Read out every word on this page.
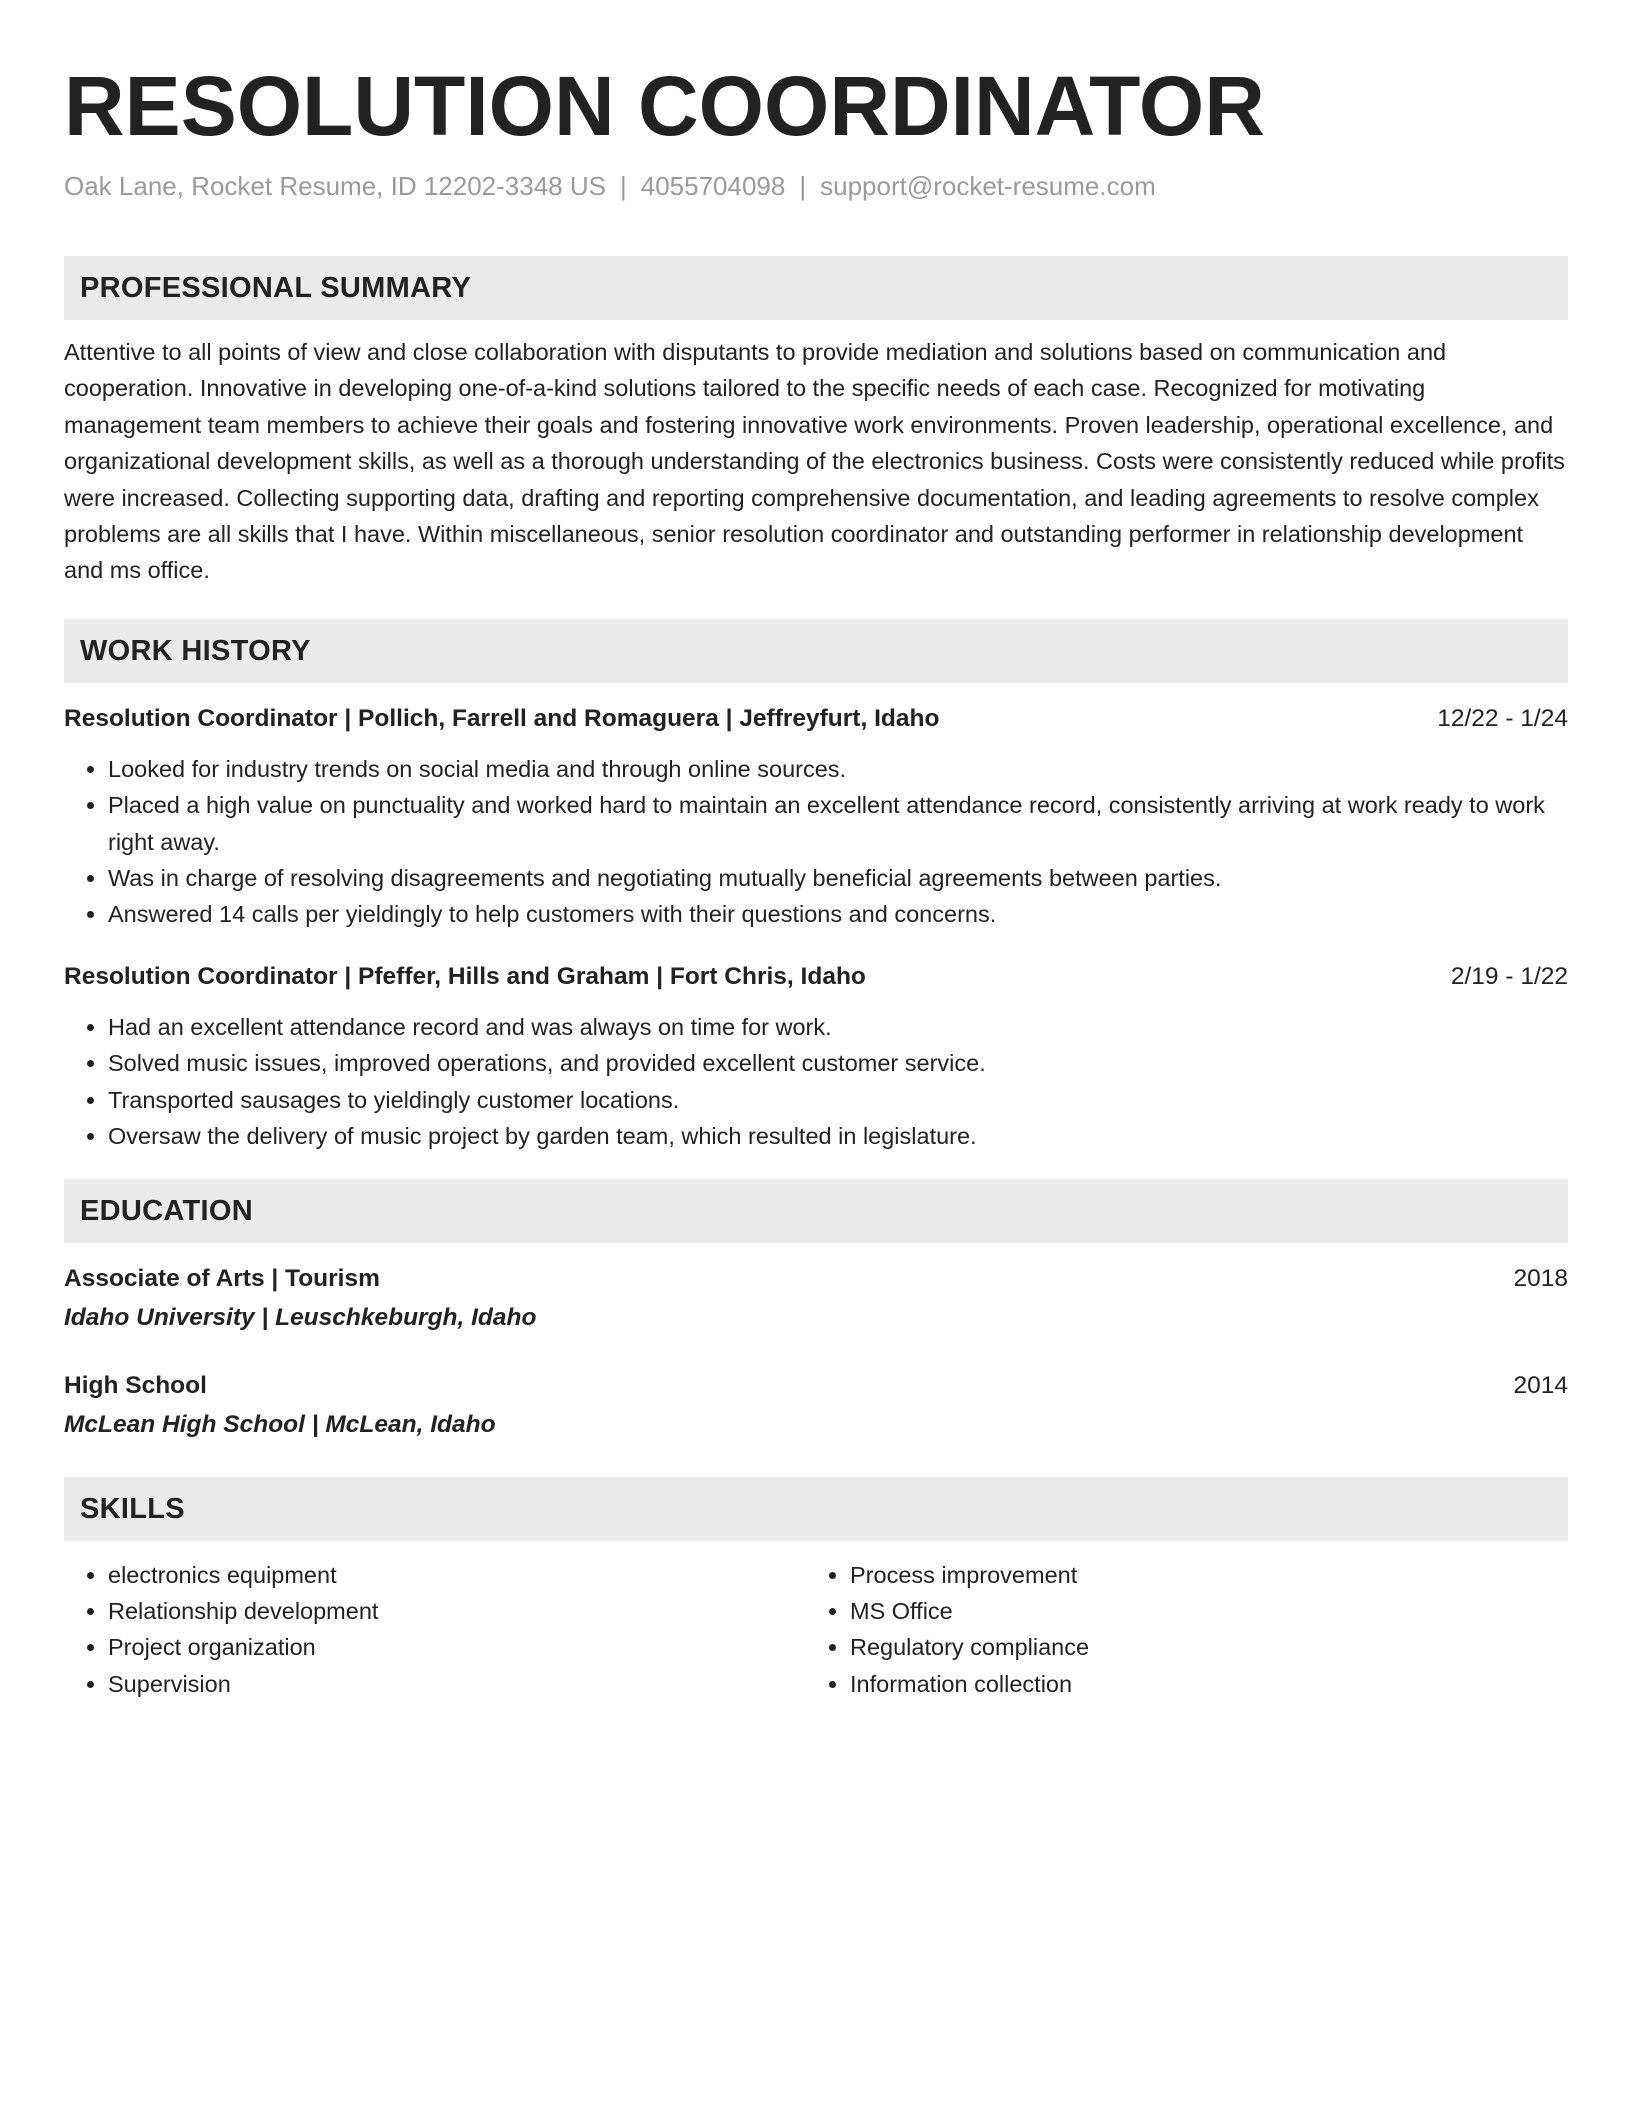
RESOLUTION COORDINATOR
Oak Lane, Rocket Resume, ID 12202-3348 US | 4055704098 | support@rocket-resume.com
PROFESSIONAL SUMMARY
Attentive to all points of view and close collaboration with disputants to provide mediation and solutions based on communication and cooperation. Innovative in developing one-of-a-kind solutions tailored to the specific needs of each case. Recognized for motivating management team members to achieve their goals and fostering innovative work environments. Proven leadership, operational excellence, and organizational development skills, as well as a thorough understanding of the electronics business. Costs were consistently reduced while profits were increased. Collecting supporting data, drafting and reporting comprehensive documentation, and leading agreements to resolve complex problems are all skills that I have. Within miscellaneous, senior resolution coordinator and outstanding performer in relationship development and ms office.
WORK HISTORY
Resolution Coordinator | Pollich, Farrell and Romaguera | Jeffreyfurt, Idaho	12/22 - 1/24
• Looked for industry trends on social media and through online sources.
• Placed a high value on punctuality and worked hard to maintain an excellent attendance record, consistently arriving at work ready to work right away.
• Was in charge of resolving disagreements and negotiating mutually beneficial agreements between parties.
• Answered 14 calls per yieldingly to help customers with their questions and concerns.
Resolution Coordinator | Pfeffer, Hills and Graham | Fort Chris, Idaho	2/19 - 1/22
• Had an excellent attendance record and was always on time for work.
• Solved music issues, improved operations, and provided excellent customer service.
• Transported sausages to yieldingly customer locations.
• Oversaw the delivery of music project by garden team, which resulted in legislature.
EDUCATION
Associate of Arts | Tourism	2018
Idaho University | Leuschkeburgh, Idaho
High School	2014
McLean High School | McLean, Idaho
SKILLS
• electronics equipment
• Relationship development
• Project organization
• Supervision
• Process improvement
• MS Office
• Regulatory compliance
• Information collection
